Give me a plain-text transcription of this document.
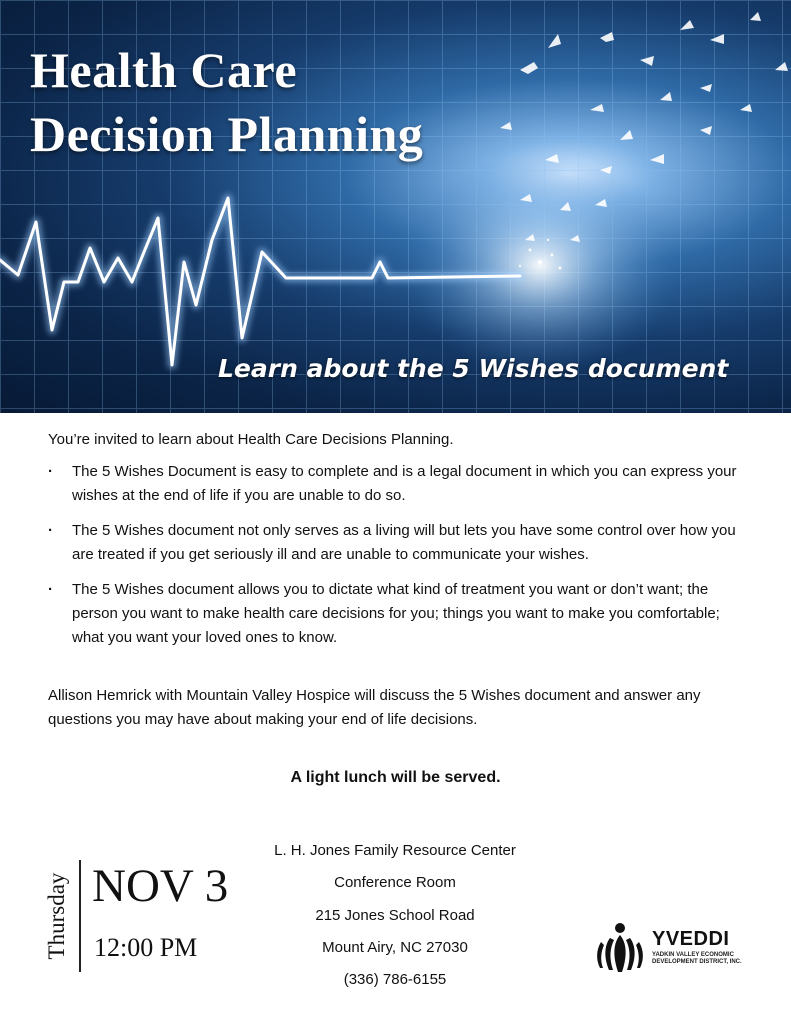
Health Care
Decision Planning
Learn about the 5 Wishes document
You’re invited to learn about Health Care Decisions Planning.
· The 5 Wishes Document is easy to complete and is a legal document in which you can express your wishes at the end of life if you are unable to do so.
· The 5 Wishes document not only serves as a living will but lets you have some control over how you are treated if you get seriously ill and are unable to communicate your wishes.
· The 5 Wishes document allows you to dictate what kind of treatment you want or don’t want; the person you want to make health care decisions for you; things you want to make you comfortable; what you want your loved ones to know.
Allison Hemrick with Mountain Valley Hospice will discuss the 5 Wishes document and answer any questions you may have about making your end of life decisions.
A light lunch will be served.
Thursday NOV 3
12:00 PM
L. H. Jones Family Resource Center
Conference Room
215 Jones School Road
Mount Airy, NC 27030
(336) 786-6155
YVEDDI
YADKIN VALLEY ECONOMIC DEVELOPMENT DISTRICT, INC.
